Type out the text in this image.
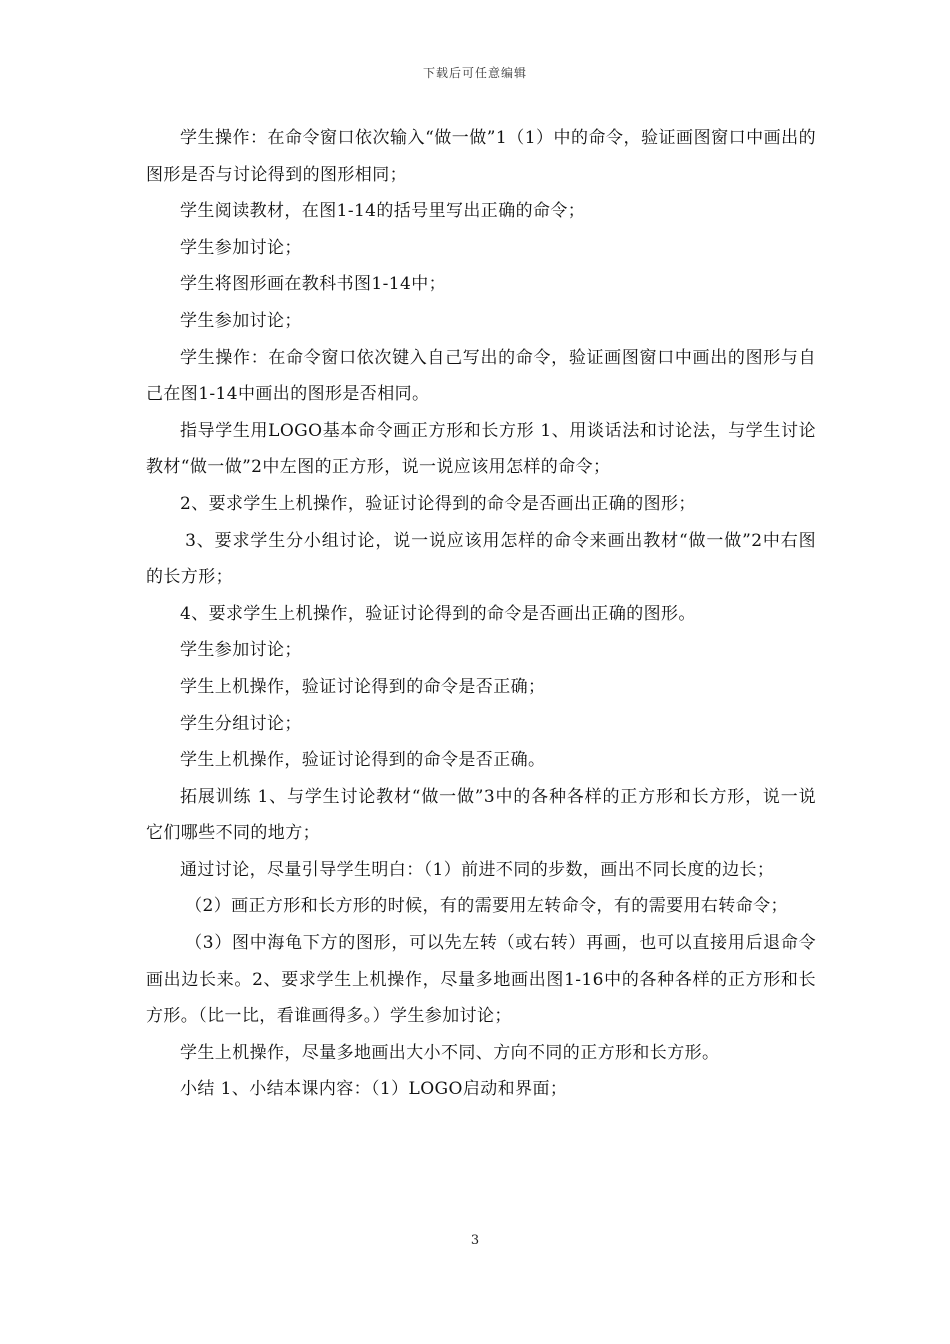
下载后可任意编辑

学生操作：在命令窗口依次输入“做一做”1（1）中的命令，验证画图窗口中画出的图形是否与讨论得到的图形相同；

学生阅读教材，在图1-14的括号里写出正确的命令；

学生参加讨论；

学生将图形画在教科书图1-14中；

学生参加讨论；

学生操作：在命令窗口依次键入自己写出的命令，验证画图窗口中画出的图形与自己在图1-14中画出的图形是否相同。

指导学生用LOGO基本命令画正方形和长方形 1、用谈话法和讨论法，与学生讨论教材“做一做”2中左图的正方形，说一说应该用怎样的命令；

2、要求学生上机操作，验证讨论得到的命令是否画出正确的图形；

3、要求学生分小组讨论，说一说应该用怎样的命令来画出教材“做一做”2中右图的长方形；

4、要求学生上机操作，验证讨论得到的命令是否画出正确的图形。

学生参加讨论；

学生上机操作，验证讨论得到的命令是否正确；

学生分组讨论；

学生上机操作，验证讨论得到的命令是否正确。

拓展训练 1、与学生讨论教材“做一做”3中的各种各样的正方形和长方形，说一说它们哪些不同的地方；

通过讨论，尽量引导学生明白：（1）前进不同的步数，画出不同长度的边长；

（2）画正方形和长方形的时候，有的需要用左转命令，有的需要用右转命令；

（3）图中海龟下方的图形，可以先左转（或右转）再画，也可以直接用后退命令画出边长来。2、要求学生上机操作，尽量多地画出图1-16中的各种各样的正方形和长方形。（比一比，看谁画得多。）学生参加讨论；

学生上机操作，尽量多地画出大小不同、方向不同的正方形和长方形。

小结 1、小结本课内容：（1）LOGO启动和界面；

3
